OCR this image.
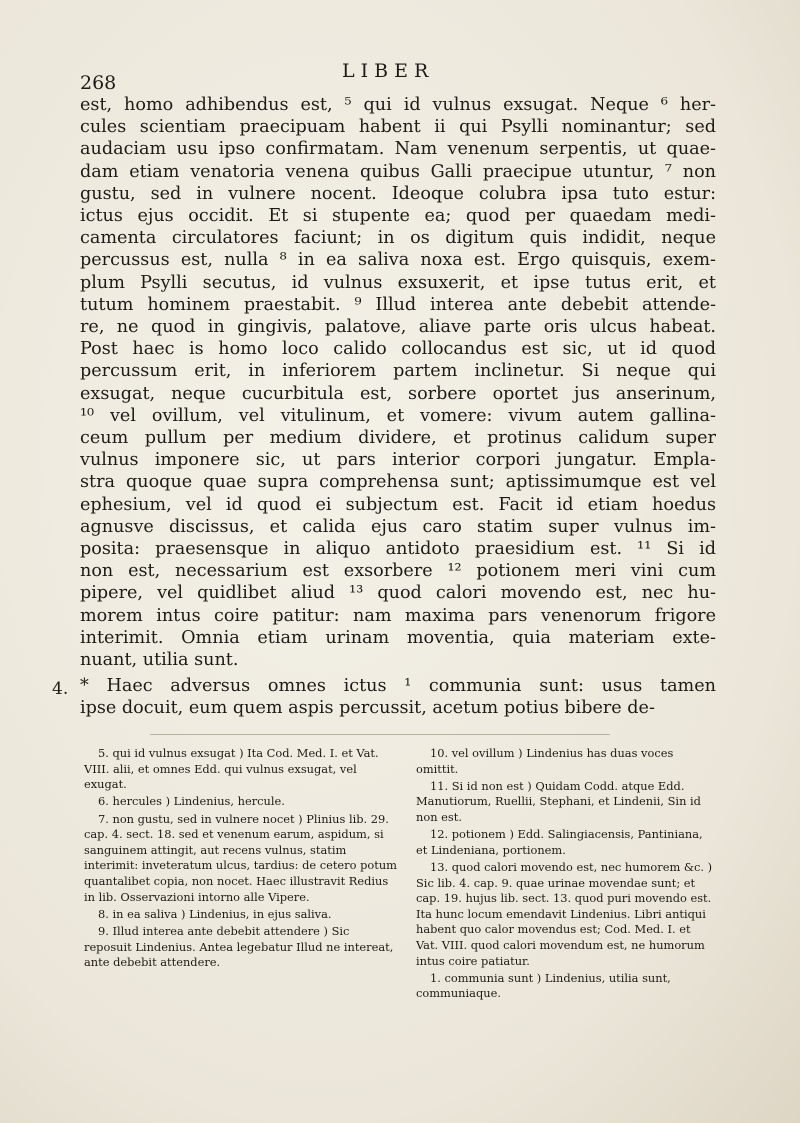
268
LIBER
est, homo adhibendus est, ⁵ qui id vulnus exsugat. Neque ⁶ her-
cules scientiam praecipuam habent ii qui Psylli nominantur; sed
audaciam usu ipso confirmatam. Nam venenum serpentis, ut quae-
dam etiam venatoria venena quibus Galli praecipue utuntur, ⁷ non
gustu, sed in vulnere nocent. Ideoque colubra ipsa tuto estur:
ictus ejus occidit. Et si stupente ea; quod per quaedam medi-
camenta circulatores faciunt; in os digitum quis indidit, neque
percussus est, nulla ⁸ in ea saliva noxa est. Ergo quisquis, exem-
plum Psylli secutus, id vulnus exsuxerit, et ipse tutus erit, et
tutum hominem praestabit. ⁹ Illud interea ante debebit attende-
re, ne quod in gingivis, palatove, aliave parte oris ulcus habeat.
Post haec is homo loco calido collocandus est sic, ut id quod
percussum erit, in inferiorem partem inclinetur. Si neque qui
exsugat, neque cucurbitula est, sorbere oportet jus anserinum,
¹⁰ vel ovillum, vel vitulinum, et vomere: vivum autem gallina-
ceum pullum per medium dividere, et protinus calidum super
vulnus imponere sic, ut pars interior corpori jungatur. Empla-
stra quoque quae supra comprehensa sunt; aptissimumque est vel
ephesium, vel id quod ei subjectum est. Facit id etiam hoedus
agnusve discissus, et calida ejus caro statim super vulnus im-
posita: praesensque in aliquo antidoto praesidium est. ¹¹ Si id
non est, necessarium est exsorbere ¹² potionem meri vini cum
pipere, vel quidlibet aliud ¹³ quod calori movendo est, nec hu-
morem intus coire patitur: nam maxima pars venenorum frigore
interimit. Omnia etiam urinam moventia, quia materiam exte-
nuant, utilia sunt.
4. * Haec adversus omnes ictus ¹ communia sunt: usus tamen
ipse docuit, eum quem aspis percussit, acetum potius bibere de-
5. qui id vulnus exsugat ) Ita Cod. Med. I. et Vat. VIII. alii, et omnes Edd. qui vulnus exsugat, vel exugat.
6. hercules ) Lindenius, hercule.
7. non gustu, sed in vulnere nocet ) Plinius lib. 29. cap. 4. sect. 18. sed et venenum earum, aspidum, si sanguinem attingit, aut recens vulnus, statim interimit: inveteratum ulcus, tardius: de cetero potum quantalibet copia, non nocet. Haec illustravit Redius in lib. Osservazioni intorno alle Vipere.
8. in ea saliva ) Lindenius, in ejus saliva.
9. Illud interea ante debebit attendere ) Sic reposuit Lindenius. Antea legebatur Illud ne intereat, ante debebit attendere.
10. vel ovillum ) Lindenius has duas voces omittit.
11. Si id non est ) Quidam Codd. atque Edd. Manutiorum, Ruellii, Stephani, et Lindenii, Sin id non est.
12. potionem ) Edd. Salingiacensis, Pantiniana, et Lindeniana, portionem.
13. quod calori movendo est, nec humorem &c. ) Sic lib. 4. cap. 9. quae urinae movendae sunt; et cap. 19. hujus lib. sect. 13. quod puri movendo est. Ita hunc locum emendavit Lindenius. Libri antiqui habent quo calor movendus est; Cod. Med. I. et Vat. VIII. quod calori movendum est, ne humorum intus coire patiatur.
1. communia sunt ) Lindenius, utilia sunt, communiaque.
